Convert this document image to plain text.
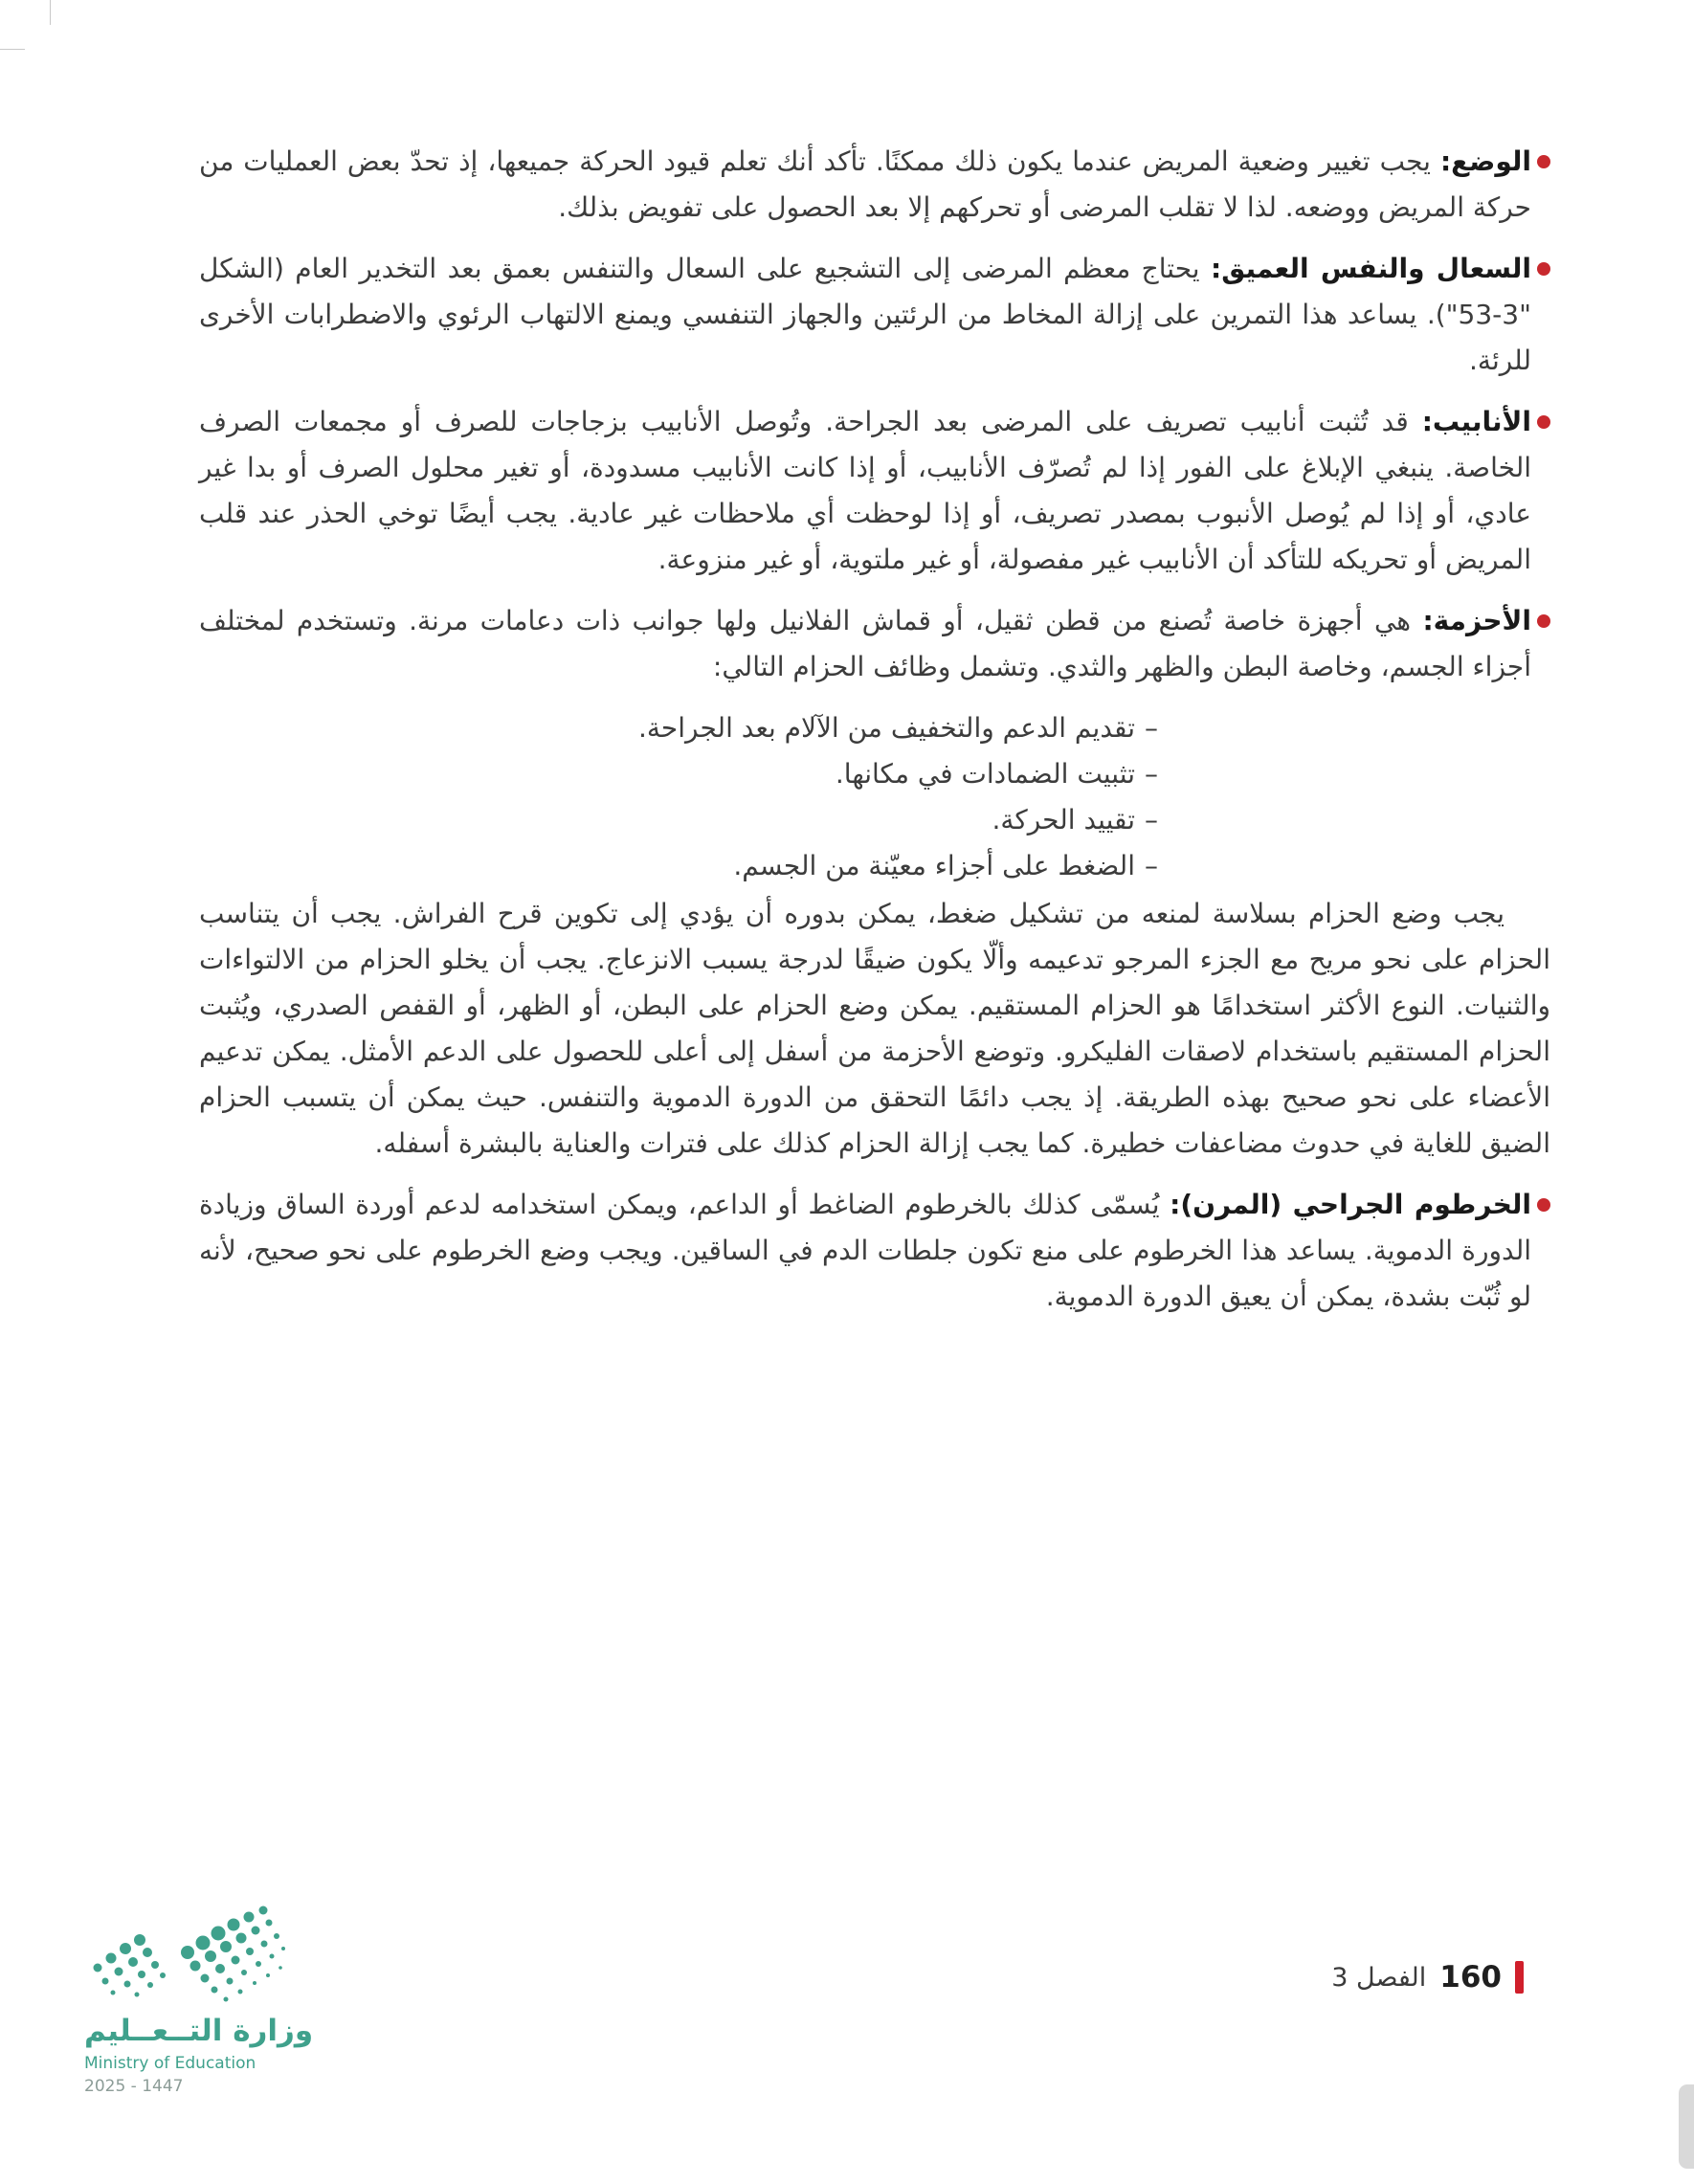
الوضع: يجب تغيير وضعية المريض عندما يكون ذلك ممكنًا. تأكد أنك تعلم قيود الحركة جميعها، إذ تحدّ بعض العمليات من حركة المريض ووضعه. لذا لا تقلب المرضى أو تحركهم إلا بعد الحصول على تفويض بذلك.

السعال والنفس العميق: يحتاج معظم المرضى إلى التشجيع على السعال والتنفس بعمق بعد التخدير العام (الشكل "3-53"). يساعد هذا التمرين على إزالة المخاط من الرئتين والجهاز التنفسي ويمنع الالتهاب الرئوي والاضطرابات الأخرى للرئة.

الأنابيب: قد تُثبت أنابيب تصريف على المرضى بعد الجراحة. وتُوصل الأنابيب بزجاجات للصرف أو مجمعات الصرف الخاصة. ينبغي الإبلاغ على الفور إذا لم تُصرّف الأنابيب، أو إذا كانت الأنابيب مسدودة، أو تغير محلول الصرف أو بدا غير عادي، أو إذا لم يُوصل الأنبوب بمصدر تصريف، أو إذا لوحظت أي ملاحظات غير عادية. يجب أيضًا توخي الحذر عند قلب المريض أو تحريكه للتأكد أن الأنابيب غير مفصولة، أو غير ملتوية، أو غير منزوعة.

الأحزمة: هي أجهزة خاصة تُصنع من قطن ثقيل، أو قماش الفلانيل ولها جوانب ذات دعامات مرنة. وتستخدم لمختلف أجزاء الجسم، وخاصة البطن والظهر والثدي. وتشمل وظائف الحزام التالي:

–تقديم الدعم والتخفيف من الآلام بعد الجراحة.
–تثبيت الضمادات في مكانها.
–تقييد الحركة.
–الضغط على أجزاء معيّنة من الجسم.

يجب وضع الحزام بسلاسة لمنعه من تشكيل ضغط، يمكن بدوره أن يؤدي إلى تكوين قرح الفراش. يجب أن يتناسب الحزام على نحو مريح مع الجزء المرجو تدعيمه وألّا يكون ضيقًا لدرجة يسبب الانزعاج. يجب أن يخلو الحزام من الالتواءات والثنيات. النوع الأكثر استخدامًا هو الحزام المستقيم. يمكن وضع الحزام على البطن، أو الظهر، أو القفص الصدري، ويُثبت الحزام المستقيم باستخدام لاصقات الفليكرو. وتوضع الأحزمة من أسفل إلى أعلى للحصول على الدعم الأمثل. يمكن تدعيم الأعضاء على نحو صحيح بهذه الطريقة. إذ يجب دائمًا التحقق من الدورة الدموية والتنفس. حيث يمكن أن يتسبب الحزام الضيق للغاية في حدوث مضاعفات خطيرة. كما يجب إزالة الحزام كذلك على فترات والعناية بالبشرة أسفله.

الخرطوم الجراحي (المرن): يُسمّى كذلك بالخرطوم الضاغط أو الداعم، ويمكن استخدامه لدعم أوردة الساق وزيادة الدورة الدموية. يساعد هذا الخرطوم على منع تكون جلطات الدم في الساقين. ويجب وضع الخرطوم على نحو صحيح، لأنه لو ثُبّت بشدة، يمكن أن يعيق الدورة الدموية.

وزارة التــعــليم
Ministry of Education
2025 - 1447
160
الفصل 3
